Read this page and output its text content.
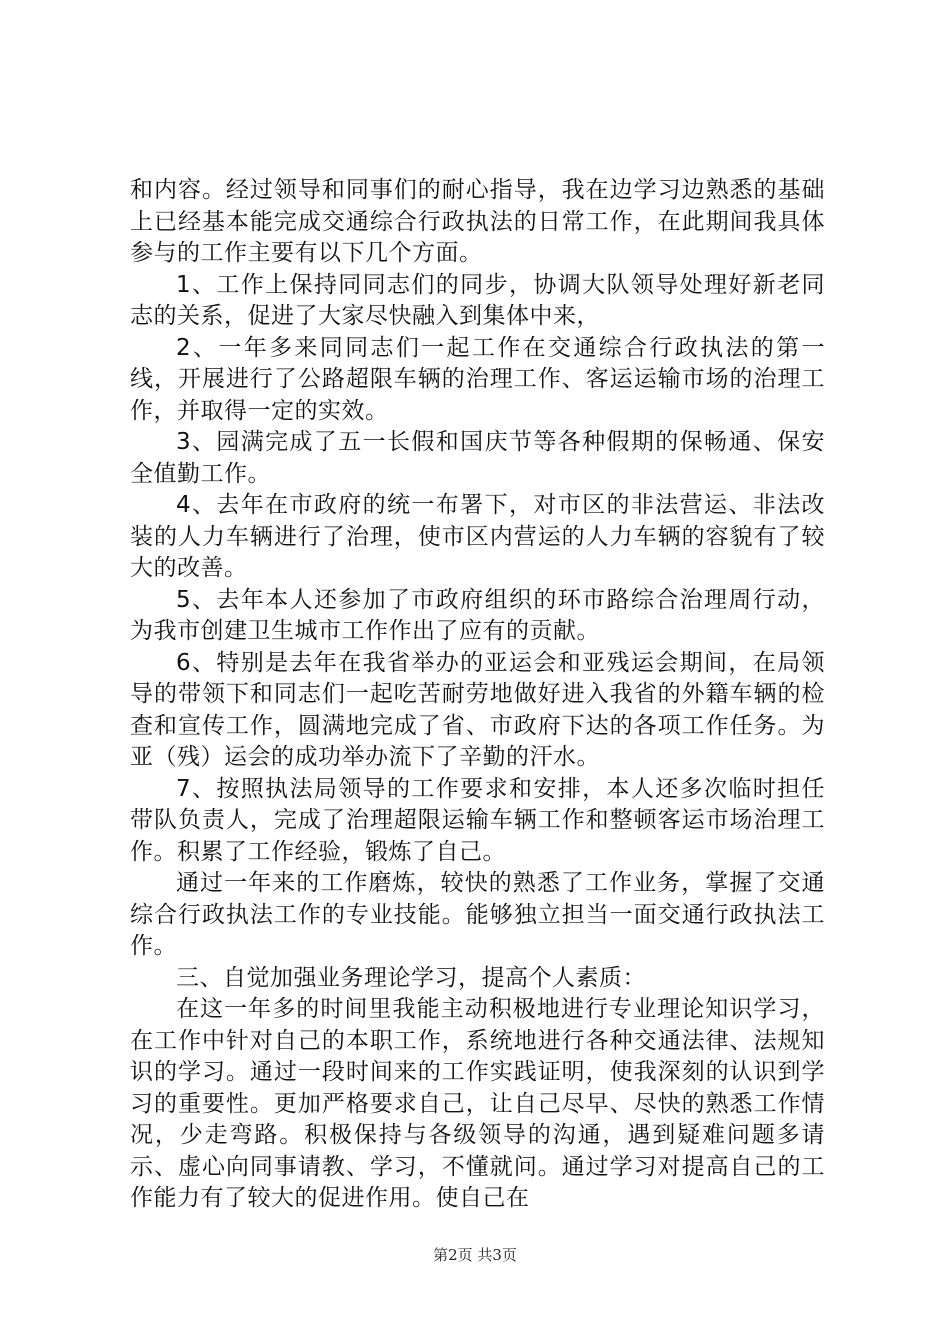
和内容。经过领导和同事们的耐心指导，我在边学习边熟悉的基础上已经基本能完成交通综合行政执法的日常工作，在此期间我具体参与的工作主要有以下几个方面。

1、工作上保持同同志们的同步，协调大队领导处理好新老同志的关系，促进了大家尽快融入到集体中来，

2、一年多来同同志们一起工作在交通综合行政执法的第一线，开展进行了公路超限车辆的治理工作、客运运输市场的治理工作，并取得一定的实效。

3、园满完成了五一长假和国庆节等各种假期的保畅通、保安全值勤工作。

4、去年在市政府的统一布署下，对市区的非法营运、非法改装的人力车辆进行了治理，使市区内营运的人力车辆的容貌有了较大的改善。

5、去年本人还参加了市政府组织的环市路综合治理周行动，为我市创建卫生城市工作作出了应有的贡献。

6、特别是去年在我省举办的亚运会和亚残运会期间，在局领导的带领下和同志们一起吃苦耐劳地做好进入我省的外籍车辆的检查和宣传工作，圆满地完成了省、市政府下达的各项工作任务。为亚（残）运会的成功举办流下了辛勤的汗水。

7、按照执法局领导的工作要求和安排，本人还多次临时担任带队负责人，完成了治理超限运输车辆工作和整顿客运市场治理工作。积累了工作经验，锻炼了自己。

通过一年来的工作磨炼，较快的熟悉了工作业务，掌握了交通综合行政执法工作的专业技能。能够独立担当一面交通行政执法工作。

三、自觉加强业务理论学习，提高个人素质：

在这一年多的时间里我能主动积极地进行专业理论知识学习，在工作中针对自己的本职工作，系统地进行各种交通法律、法规知识的学习。通过一段时间来的工作实践证明，使我深刻的认识到学习的重要性。更加严格要求自己，让自己尽早、尽快的熟悉工作情况，少走弯路。积极保持与各级领导的沟通，遇到疑难问题多请示、虚心向同事请教、学习，不懂就问。通过学习对提高自己的工作能力有了较大的促进作用。使自己在

第2页 共3页
